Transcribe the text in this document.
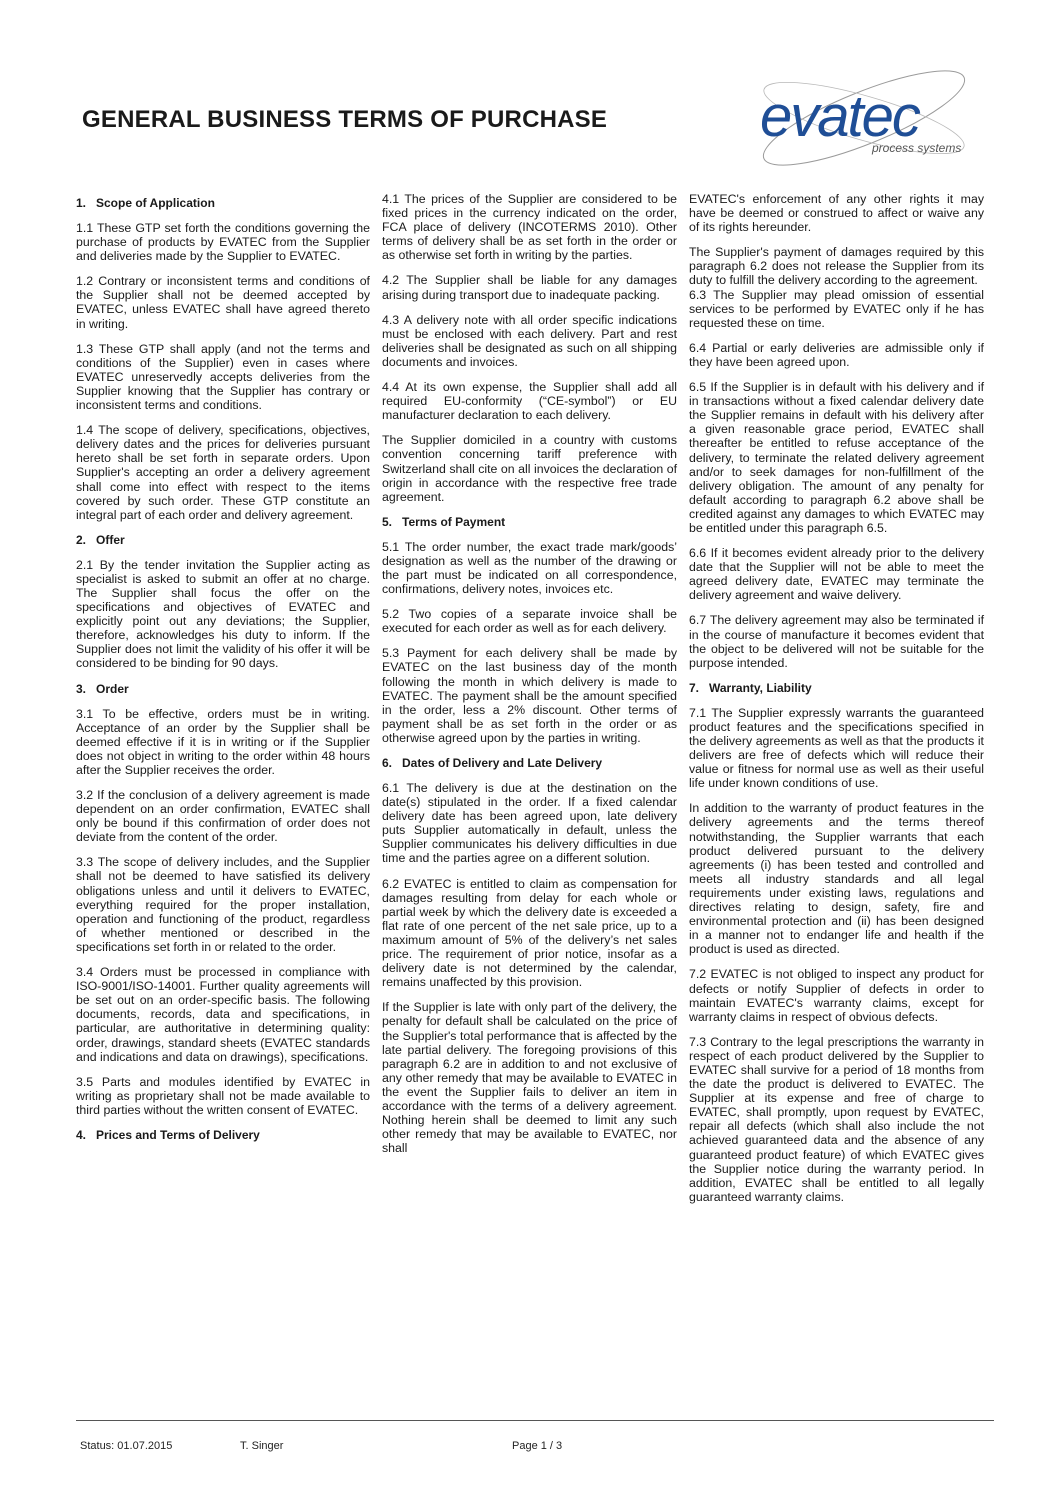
GENERAL BUSINESS TERMS OF PURCHASE	evatec
process systems
1. Scope of Application

1.1 These GTP set forth the conditions governing the purchase of products by EVATEC from the Supplier and deliveries made by the Supplier to EVATEC.

1.2 Contrary or inconsistent terms and conditions of the Supplier shall not be deemed accepted by EVATEC, unless EVATEC shall have agreed thereto in writing.

1.3 These GTP shall apply (and not the terms and conditions of the Supplier) even in cases where EVATEC unreservedly accepts deliveries from the Supplier knowing that the Supplier has contrary or inconsistent terms and conditions.

1.4 The scope of delivery, specifications, objectives, delivery dates and the prices for deliveries pursuant hereto shall be set forth in separate orders. Upon Supplier's accepting an order a delivery agreement shall come into effect with respect to the items covered by such order. These GTP constitute an integral part of each order and delivery agreement.

2. Offer

2.1 By the tender invitation the Supplier acting as specialist is asked to submit an offer at no charge. The Supplier shall focus the offer on the specifications and objectives of EVATEC and explicitly point out any deviations; the Supplier, therefore, acknowledges his duty to inform. If the Supplier does not limit the validity of his offer it will be considered to be binding for 90 days.

3. Order

3.1 To be effective, orders must be in writing. Acceptance of an order by the Supplier shall be deemed effective if it is in writing or if the Supplier does not object in writing to the order within 48 hours after the Supplier receives the order.

3.2 If the conclusion of a delivery agreement is made dependent on an order confirmation, EVATEC shall only be bound if this confirmation of order does not deviate from the content of the order.

3.3 The scope of delivery includes, and the Supplier shall not be deemed to have satisfied its delivery obligations unless and until it delivers to EVATEC, everything required for the proper installation, operation and functioning of the product, regardless of whether mentioned or described in the specifications set forth in or related to the order.

3.4 Orders must be processed in compliance with ISO-9001/ISO-14001. Further quality agreements will be set out on an order-specific basis. The following documents, records, data and specifications, in particular, are authoritative in determining quality: order, drawings, standard sheets (EVATEC standards and indications and data on drawings), specifications.

3.5 Parts and modules identified by EVATEC in writing as proprietary shall not be made available to third parties without the written consent of EVATEC.

4. Prices and Terms of Delivery

4.1 The prices of the Supplier are considered to be fixed prices in the currency indicated on the order, FCA place of delivery (INCOTERMS 2010). Other terms of delivery shall be as set forth in the order or as otherwise set forth in writing by the parties.

4.2 The Supplier shall be liable for any damages arising during transport due to inadequate packing.

4.3 A delivery note with all order specific indications must be enclosed with each delivery. Part and rest deliveries shall be designated as such on all shipping documents and invoices.

4.4 At its own expense, the Supplier shall add all required EU-conformity (“CE-symbol”) or EU manufacturer declaration to each delivery.

The Supplier domiciled in a country with customs convention concerning tariff preference with Switzerland shall cite on all invoices the declaration of origin in accordance with the respective free trade agreement.

5. Terms of Payment

5.1 The order number, the exact trade mark/goods’ designation as well as the number of the drawing or the part must be indicated on all correspondence, confirmations, delivery notes, invoices etc.

5.2 Two copies of a separate invoice shall be executed for each order as well as for each delivery.

5.3 Payment for each delivery shall be made by EVATEC on the last business day of the month following the month in which delivery is made to EVATEC. The payment shall be the amount specified in the order, less a 2% discount. Other terms of payment shall be as set forth in the order or as otherwise agreed upon by the parties in writing.

6. Dates of Delivery and Late Delivery

6.1 The delivery is due at the destination on the date(s) stipulated in the order. If a fixed calendar delivery date has been agreed upon, late delivery puts Supplier automatically in default, unless the Supplier communicates his delivery difficulties in due time and the parties agree on a different solution.

6.2 EVATEC is entitled to claim as compensation for damages resulting from delay for each whole or partial week by which the delivery date is exceeded a flat rate of one percent of the net sale price, up to a maximum amount of 5% of the delivery’s net sales price. The requirement of prior notice, insofar as a delivery date is not determined by the calendar, remains unaffected by this provision.

If the Supplier is late with only part of the delivery, the penalty for default shall be calculated on the price of the Supplier's total performance that is affected by the late partial delivery. The foregoing provisions of this paragraph 6.2 are in addition to and not exclusive of any other remedy that may be available to EVATEC in the event the Supplier fails to deliver an item in accordance with the terms of a delivery agreement. Nothing herein shall be deemed to limit any such other remedy that may be available to EVATEC, nor shall

EVATEC's enforcement of any other rights it may have be deemed or construed to affect or waive any of its rights hereunder.

The Supplier's payment of damages required by this paragraph 6.2 does not release the Supplier from its duty to fulfill the delivery according to the agreement.

6.3 The Supplier may plead omission of essential services to be performed by EVATEC only if he has requested these on time.

6.4 Partial or early deliveries are admissible only if they have been agreed upon.

6.5 If the Supplier is in default with his delivery and if in transactions without a fixed calendar delivery date the Supplier remains in default with his delivery after a given reasonable grace period, EVATEC shall thereafter be entitled to refuse acceptance of the delivery, to terminate the related delivery agreement and/or to seek damages for non-fulfillment of the delivery obligation. The amount of any penalty for default according to paragraph 6.2 above shall be credited against any damages to which EVATEC may be entitled under this paragraph 6.5.

6.6 If it becomes evident already prior to the delivery date that the Supplier will not be able to meet the agreed delivery date, EVATEC may terminate the delivery agreement and waive delivery.

6.7 The delivery agreement may also be terminated if in the course of manufacture it becomes evident that the object to be delivered will not be suitable for the purpose intended.

7. Warranty, Liability

7.1 The Supplier expressly warrants the guaranteed product features and the specifications specified in the delivery agreements as well as that the products it delivers are free of defects which will reduce their value or fitness for normal use as well as their useful life under known conditions of use.

In addition to the warranty of product features in the delivery agreements and the terms thereof notwithstanding, the Supplier warrants that each product delivered pursuant to the delivery agreements (i) has been tested and controlled and meets all industry standards and all legal requirements under existing laws, regulations and directives relating to design, safety, fire and environmental protection and (ii) has been designed in a manner not to endanger life and health if the product is used as directed.

7.2 EVATEC is not obliged to inspect any product for defects or notify Supplier of defects in order to maintain EVATEC's warranty claims, except for warranty claims in respect of obvious defects.

7.3 Contrary to the legal prescriptions the warranty in respect of each product delivered by the Supplier to EVATEC shall survive for a period of 18 months from the date the product is delivered to EVATEC. The Supplier at its expense and free of charge to EVATEC, shall promptly, upon request by EVATEC, repair all defects (which shall also include the not achieved guaranteed data and the absence of any guaranteed product feature) of which EVATEC gives the Supplier notice during the warranty period. In addition, EVATEC shall be entitled to all legally guaranteed warranty claims.

Status: 01.07.2015	T. Singer	Page 1 / 3
